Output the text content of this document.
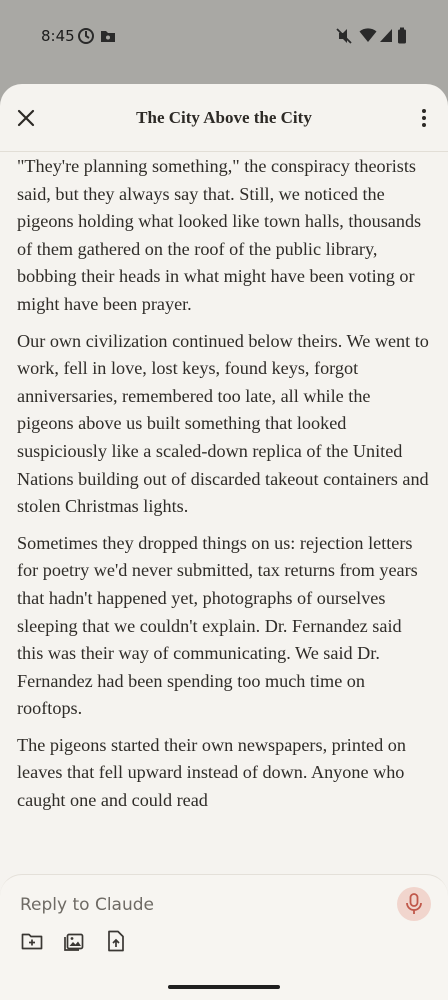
8:45
The City Above the City

"They're planning something," the conspiracy theorists said, but they always say that. Still, we noticed the pigeons holding what looked like town halls, thousands of them gathered on the roof of the public library, bobbing their heads in what might have been voting or might have been prayer.

Our own civilization continued below theirs. We went to work, fell in love, lost keys, found keys, forgot anniversaries, remembered too late, all while the pigeons above us built something that looked suspiciously like a scaled-down replica of the United Nations building out of discarded takeout containers and stolen Christmas lights.

Sometimes they dropped things on us: rejection letters for poetry we'd never submitted, tax returns from years that hadn't happened yet, photographs of ourselves sleeping that we couldn't explain. Dr. Fernandez said this was their way of communicating. We said Dr. Fernandez had been spending too much time on rooftops.

The pigeons started their own newspapers, printed on leaves that fell upward instead of down. Anyone who caught one and could read

Reply to Claude
